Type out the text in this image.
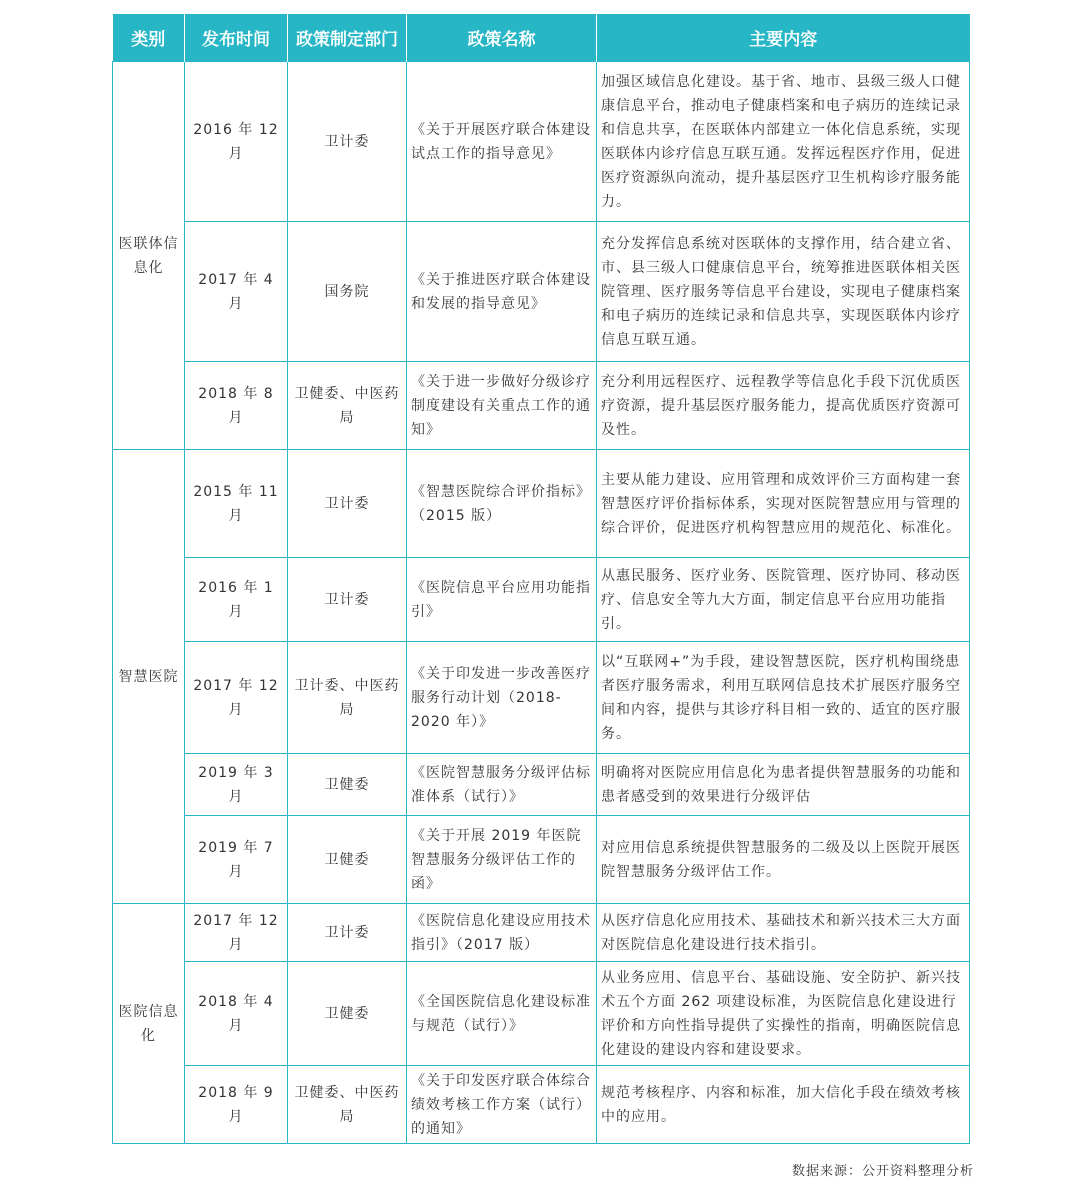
类别	发布时间	政策制定部门	政策名称	主要内容
医联体信息化	2016 年 12 月	卫计委	《关于开展医疗联合体建设试点工作的指导意见》	加强区域信息化建设。基于省、地市、县级三级人口健康信息平台，推动电子健康档案和电子病历的连续记录和信息共享，在医联体内部建立一体化信息系统，实现医联体内诊疗信息互联互通。发挥远程医疗作用，促进医疗资源纵向流动，提升基层医疗卫生机构诊疗服务能力。
	2017 年 4 月	国务院	《关于推进医疗联合体建设和发展的指导意见》	充分发挥信息系统对医联体的支撑作用，结合建立省、市、县三级人口健康信息平台，统筹推进医联体相关医院管理、医疗服务等信息平台建设，实现电子健康档案和电子病历的连续记录和信息共享，实现医联体内诊疗信息互联互通。
	2018 年 8 月	卫健委、中医药局	《关于进一步做好分级诊疗制度建设有关重点工作的通知》	充分利用远程医疗、远程教学等信息化手段下沉优质医疗资源，提升基层医疗服务能力，提高优质医疗资源可及性。
智慧医院	2015 年 11 月	卫计委	《智慧医院综合评价指标》（2015 版）	主要从能力建设、应用管理和成效评价三方面构建一套智慧医疗评价指标体系，实现对医院智慧应用与管理的综合评价，促进医疗机构智慧应用的规范化、标准化。
	2016 年 1 月	卫计委	《医院信息平台应用功能指引》	从惠民服务、医疗业务、医院管理、医疗协同、移动医疗、信息安全等九大方面，制定信息平台应用功能指引。
	2017 年 12 月	卫计委、中医药局	《关于印发进一步改善医疗服务行动计划（2018-2020 年）》	以“互联网+”为手段，建设智慧医院，医疗机构围绕患者医疗服务需求，利用互联网信息技术扩展医疗服务空间和内容，提供与其诊疗科目相一致的、适宜的医疗服务。
	2019 年 3 月	卫健委	《医院智慧服务分级评估标准体系（试行）》	明确将对医院应用信息化为患者提供智慧服务的功能和患者感受到的效果进行分级评估
	2019 年 7 月	卫健委	《关于开展 2019 年医院智慧服务分级评估工作的函》	对应用信息系统提供智慧服务的二级及以上医院开展医院智慧服务分级评估工作。
医院信息化	2017 年 12 月	卫计委	《医院信息化建设应用技术指引》（2017 版）	从医疗信息化应用技术、基础技术和新兴技术三大方面对医院信息化建设进行技术指引。
	2018 年 4 月	卫健委	《全国医院信息化建设标准与规范（试行）》	从业务应用、信息平台、基础设施、安全防护、新兴技术五个方面 262 项建设标准，为医院信息化建设进行评价和方向性指导提供了实操性的指南，明确医院信息化建设的建设内容和建设要求。
	2018 年 9 月	卫健委、中医药局	《关于印发医疗联合体综合绩效考核工作方案（试行）的通知》	规范考核程序、内容和标准，加大信化手段在绩效考核中的应用。
数据来源：公开资料整理分析
